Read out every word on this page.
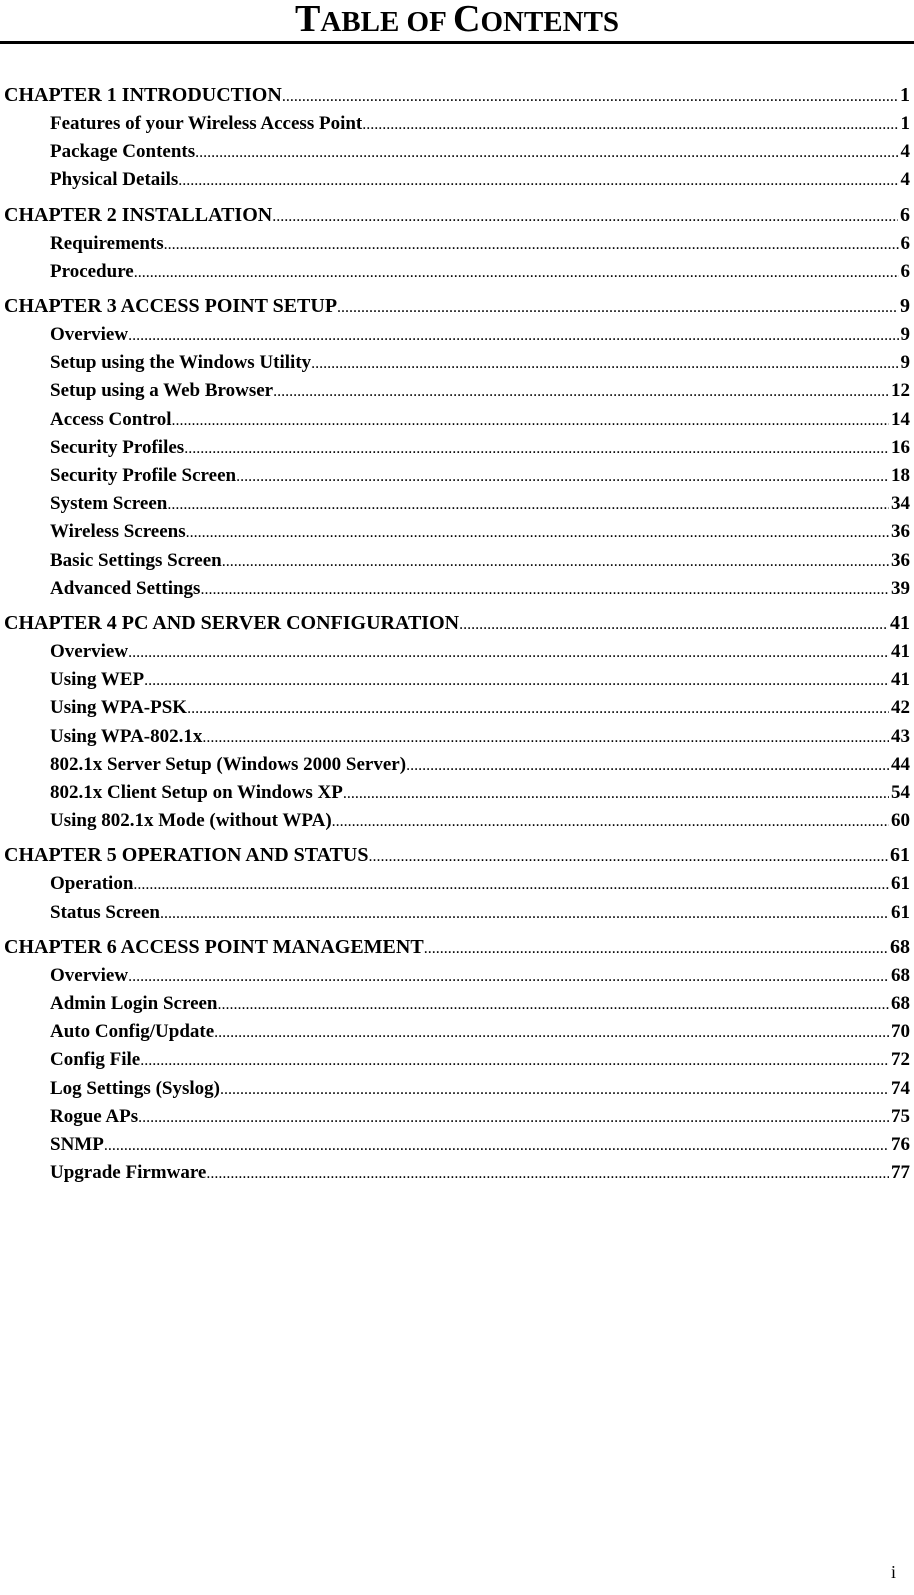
TABLE OF CONTENTS
CHAPTER 1 INTRODUCTION .....	1
Features of your Wireless Access Point .....	1
Package Contents .....	4
Physical Details .....	4
CHAPTER 2 INSTALLATION .....	6
Requirements .....	6
Procedure .....	6
CHAPTER 3 ACCESS POINT SETUP .....	9
Overview .....	9
Setup using the Windows Utility .....	9
Setup using a Web Browser .....	12
Access Control .....	14
Security Profiles .....	16
Security Profile Screen .....	18
System Screen .....	34
Wireless Screens .....	36
Basic Settings Screen .....	36
Advanced Settings .....	39
CHAPTER 4 PC AND SERVER CONFIGURATION .....	41
Overview .....	41
Using WEP .....	41
Using WPA-PSK .....	42
Using WPA-802.1x .....	43
802.1x Server Setup (Windows 2000 Server) .....	44
802.1x Client Setup on Windows XP .....	54
Using 802.1x Mode (without WPA) .....	60
CHAPTER 5 OPERATION AND STATUS .....	61
Operation .....	61
Status Screen .....	61
CHAPTER 6 ACCESS POINT MANAGEMENT .....	68
Overview .....	68
Admin Login Screen .....	68
Auto Config/Update .....	70
Config File .....	72
Log Settings (Syslog) .....	74
Rogue APs .....	75
SNMP .....	76
Upgrade Firmware .....	77
i
